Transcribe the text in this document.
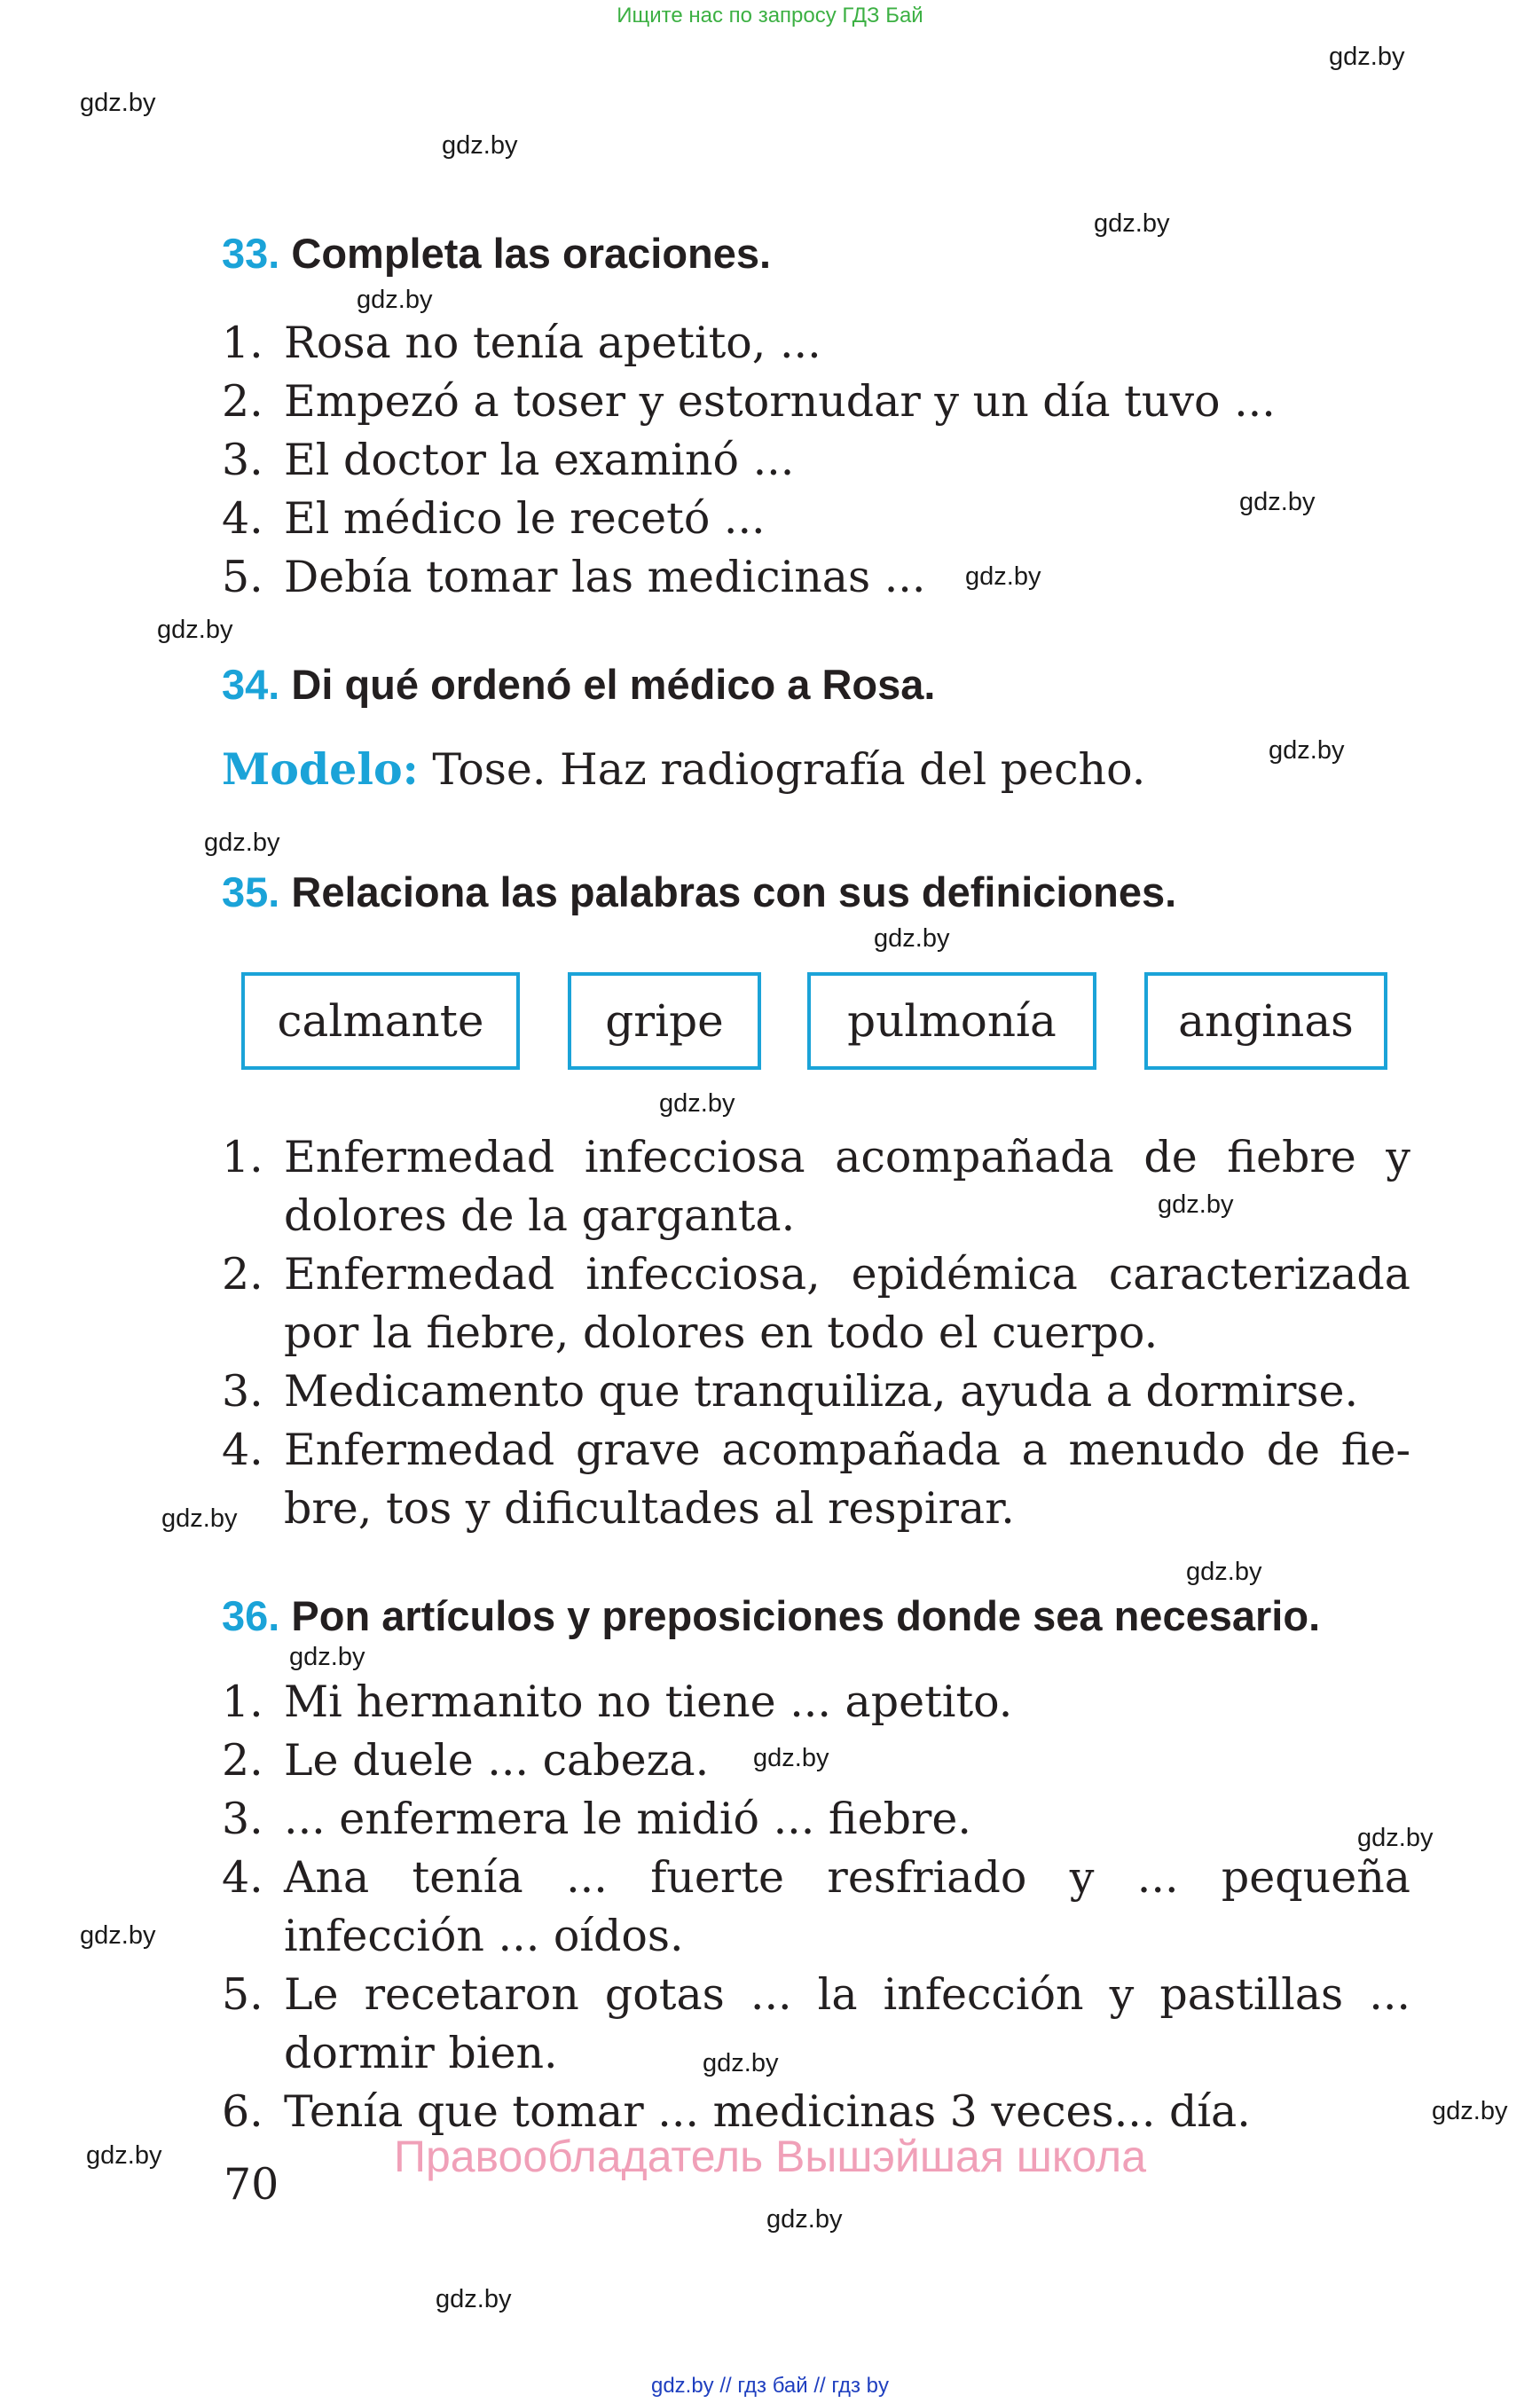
Ищите нас по запросу ГДЗ Бай
gdz.by
gdz.by
gdz.by
gdz.by
gdz.by
gdz.by
gdz.by
gdz.by
gdz.by
gdz.by
gdz.by
gdz.by
gdz.by
gdz.by
gdz.by
gdz.by
gdz.by
gdz.by
gdz.by
gdz.by
gdz.by
gdz.by
gdz.by
gdz.by
33. Completa las oraciones.
1. Rosa no tenía apetito, ...
2. Empezó a toser y estornudar y un día tuvo ...
3. El doctor la examinó ...
4. El médico le recetó ...
5. Debía tomar las medicinas ...
34. Di qué ordenó el médico a Rosa.
Modelo: Tose. Haz radiografía del pecho.
35. Relaciona las palabras con sus definiciones.
calmante	gripe	pulmonía	anginas
1. Enfermedad infecciosa acompañada de fiebre y dolores de la garganta.
2. Enfermedad infecciosa, epidémica caracterizada por la fiebre, dolores en todo el cuerpo.
3. Medicamento que tranquiliza, ayuda a dormirse.
4. Enfermedad grave acompañada a menudo de fiebre, tos y dificultades al respirar.
36. Pon artículos y preposiciones donde sea necesario.
1. Mi hermanito no tiene ... apetito.
2. Le duele ... cabeza.
3. ... enfermera le midió ... fiebre.
4. Ana tenía ... fuerte resfriado y ... pequeña infección ... oídos.
5. Le recetaron gotas ... la infección y pastillas ... dormir bien.
6. Tenía que tomar ... medicinas 3 veces... día.
Правообладатель Вышэйшая школа
70
gdz.by // гдз бай // гдз by
